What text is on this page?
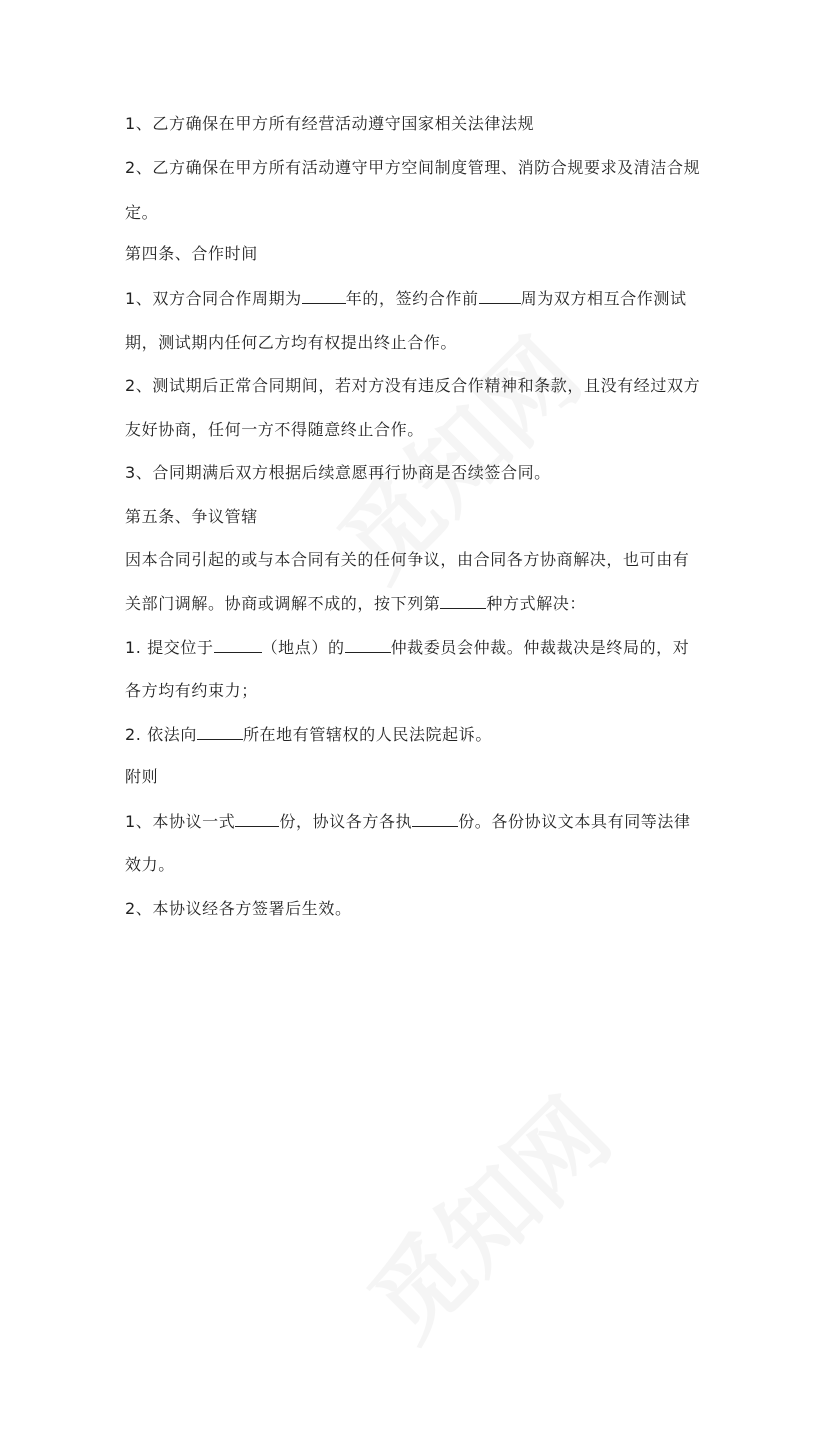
1、乙方确保在甲方所有经营活动遵守国家相关法律法规
2、乙方确保在甲方所有活动遵守甲方空间制度管理、消防合规要求及清洁合规
定。
第四条、合作时间
1、双方合同合作周期为	年的，签约合作前	周为双方相互合作测试
期，测试期内任何乙方均有权提出终止合作。
2、测试期后正常合同期间，若对方没有违反合作精神和条款，且没有经过双方
友好协商，任何一方不得随意终止合作。
3、合同期满后双方根据后续意愿再行协商是否续签合同。
第五条、争议管辖
因本合同引起的或与本合同有关的任何争议，由合同各方协商解决，也可由有
关部门调解。协商或调解不成的，按下列第	种方式解决：
1. 提交位于	（地点）的	仲裁委员会仲裁。仲裁裁决是终局的，对
各方均有约束力；
2. 依法向	所在地有管辖权的人民法院起诉。
附则
1、本协议一式	份，协议各方各执	份。各份协议文本具有同等法律
效力。
2、本协议经各方签署后生效。
